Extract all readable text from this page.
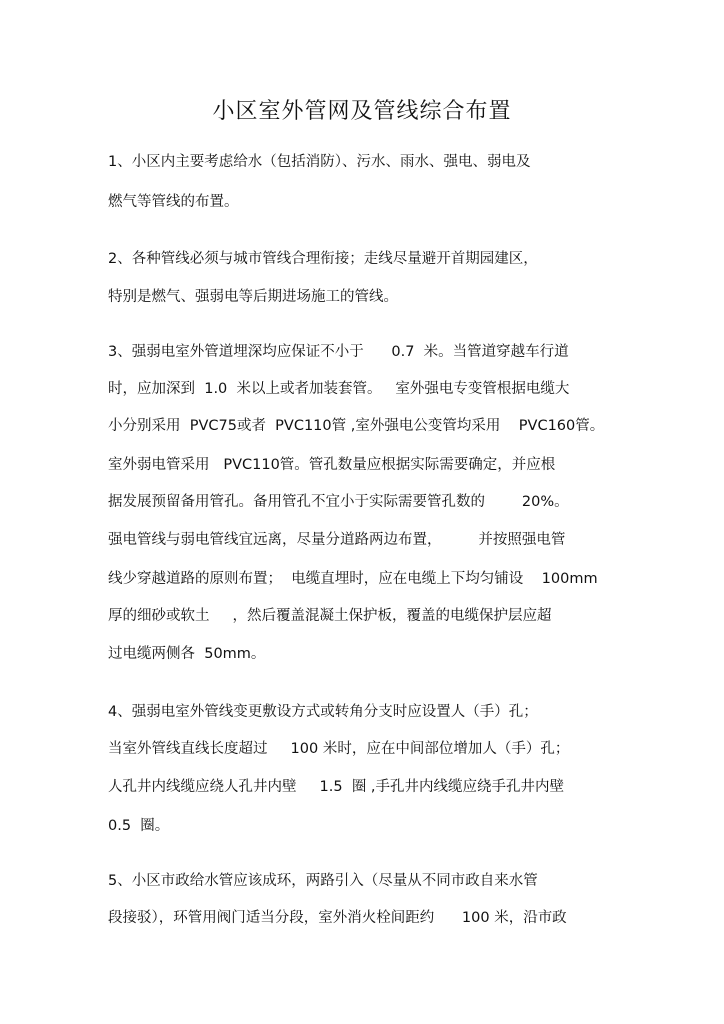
小区室外管网及管线综合布置

1、小区内主要考虑给水（包括消防）、污水、雨水、强电、弱电及

燃气等管线的布置。

2、各种管线必须与城市管线合理衔接；走线尽量避开首期园建区，

特别是燃气、强弱电等后期进场施工的管线。

3、强弱电室外管道埋深均应保证不小于      0.7  米。当管道穿越车行道

时，应加深到  1.0  米以上或者加装套管。   室外强电专变管根据电缆大

小分别采用  PVC75或者  PVC110管 ,室外强电公变管均采用    PVC160管。

室外弱电管采用   PVC110管。管孔数量应根据实际需要确定，并应根

据发展预留备用管孔。备用管孔不宜小于实际需要管孔数的        20%。

强电管线与弱电管线宜远离，尽量分道路两边布置，        并按照强电管

线少穿越道路的原则布置；  电缆直埋时，应在电缆上下均匀铺设    100mm

厚的细砂或软土     ，然后覆盖混凝土保护板，覆盖的电缆保护层应超

过电缆两侧各  50mm。

4、强弱电室外管线变更敷设方式或转角分支时应设置人（手）孔；

当室外管线直线长度超过     100 米时，应在中间部位增加人（手）孔；

人孔井内线缆应绕人孔井内壁     1.5  圈 ,手孔井内线缆应绕手孔井内壁

0.5  圈。

5、小区市政给水管应该成环，两路引入（尽量从不同市政自来水管

段接驳），环管用阀门适当分段，室外消火栓间距约      100 米，沿市政
